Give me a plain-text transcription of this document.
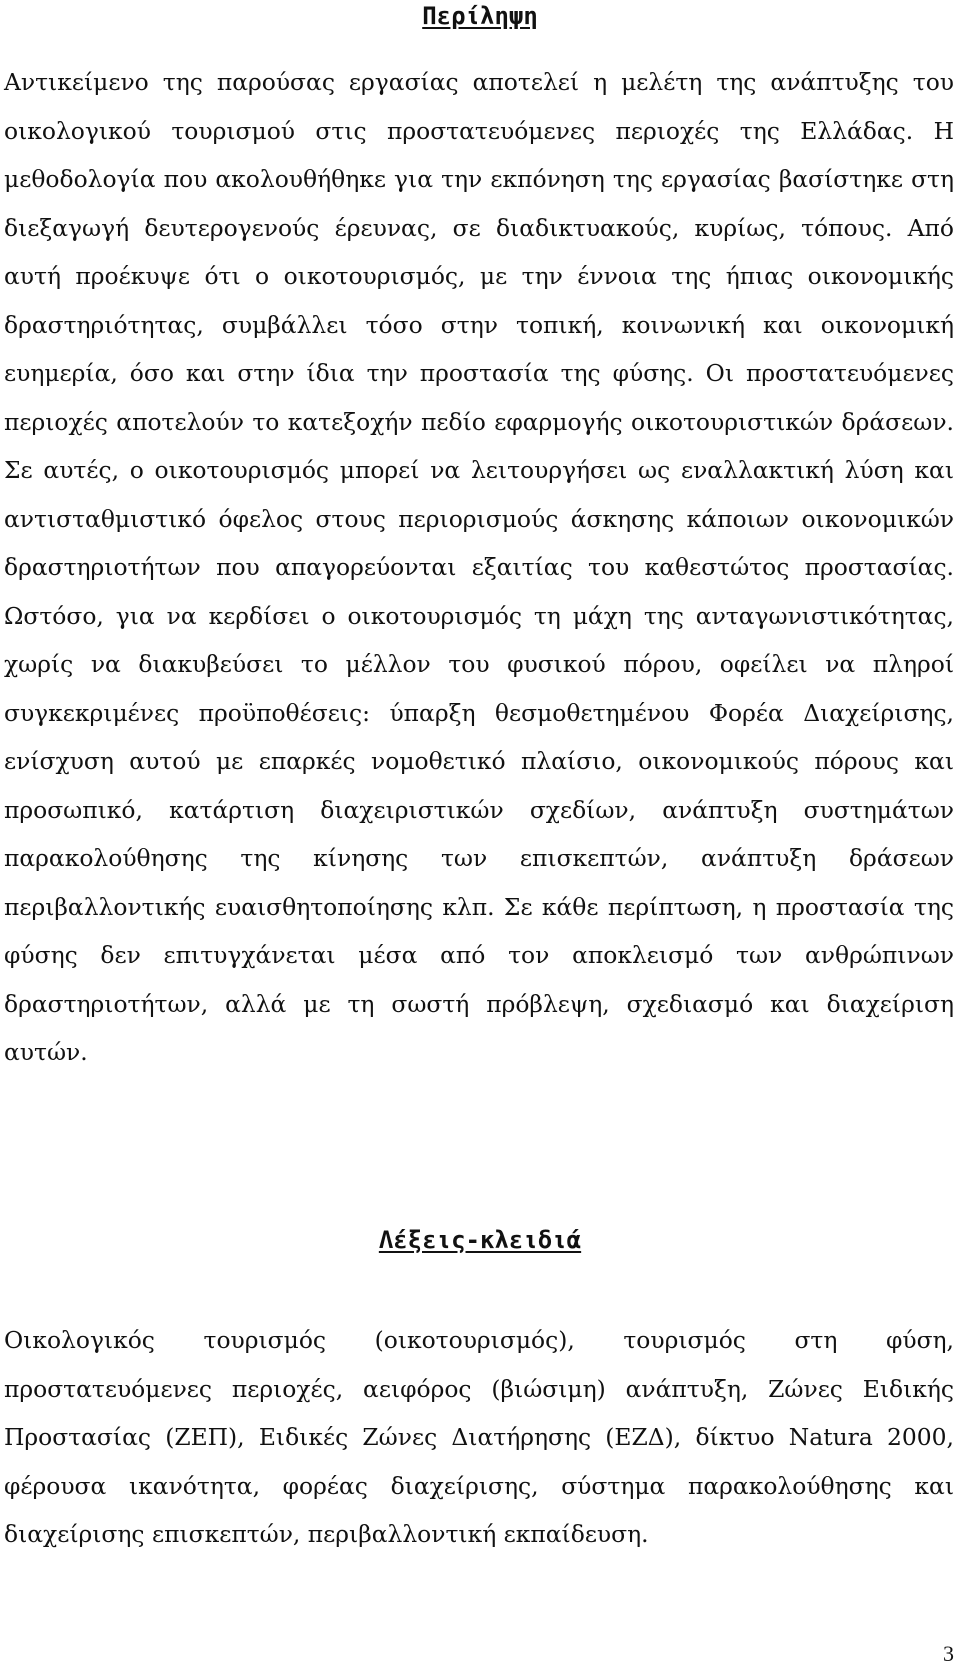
Περίληψη

Αντικείμενο της παρούσας εργασίας αποτελεί η μελέτη της ανάπτυξης του οικολογικού τουρισμού στις προστατευόμενες περιοχές της Ελλάδας. Η μεθοδολογία που ακολουθήθηκε για την εκπόνηση της εργασίας βασίστηκε στη διεξαγωγή δευτερογενούς έρευνας, σε διαδικτυακούς, κυρίως, τόπους. Από αυτή προέκυψε ότι ο οικοτουρισμός, με την έννοια της ήπιας οικονομικής δραστηριότητας, συμβάλλει τόσο στην τοπική, κοινωνική και οικονομική ευημερία, όσο και στην ίδια την προστασία της φύσης. Οι προστατευόμενες περιοχές αποτελούν το κατεξοχήν πεδίο εφαρμογής οικοτουριστικών δράσεων. Σε αυτές, ο οικοτουρισμός μπορεί να λειτουργήσει ως εναλλακτική λύση και αντισταθμιστικό όφελος στους περιορισμούς άσκησης κάποιων οικονομικών δραστηριοτήτων που απαγορεύονται εξαιτίας του καθεστώτος προστασίας. Ωστόσο, για να κερδίσει ο οικοτουρισμός τη μάχη της ανταγωνιστικότητας, χωρίς να διακυβεύσει το μέλλον του φυσικού πόρου, οφείλει να πληροί συγκεκριμένες προϋποθέσεις: ύπαρξη θεσμοθετημένου Φορέα Διαχείρισης, ενίσχυση αυτού με επαρκές νομοθετικό πλαίσιο, οικονομικούς πόρους και προσωπικό, κατάρτιση διαχειριστικών σχεδίων, ανάπτυξη συστημάτων παρακολούθησης της κίνησης των επισκεπτών, ανάπτυξη δράσεων περιβαλλοντικής ευαισθητοποίησης κλπ. Σε κάθε περίπτωση, η προστασία της φύσης δεν επιτυγχάνεται μέσα από τον αποκλεισμό των ανθρώπινων δραστηριοτήτων, αλλά με τη σωστή πρόβλεψη, σχεδιασμό και διαχείριση αυτών.

Λέξεις-κλειδιά

Οικολογικός τουρισμός (οικοτουρισμός), τουρισμός στη φύση, προστατευόμενες περιοχές, αειφόρος (βιώσιμη) ανάπτυξη, Ζώνες Ειδικής Προστασίας (ΖΕΠ), Ειδικές Ζώνες Διατήρησης (ΕΖΔ), δίκτυο Natura 2000, φέρουσα ικανότητα, φορέας διαχείρισης, σύστημα παρακολούθησης και διαχείρισης επισκεπτών, περιβαλλοντική εκπαίδευση.

3
